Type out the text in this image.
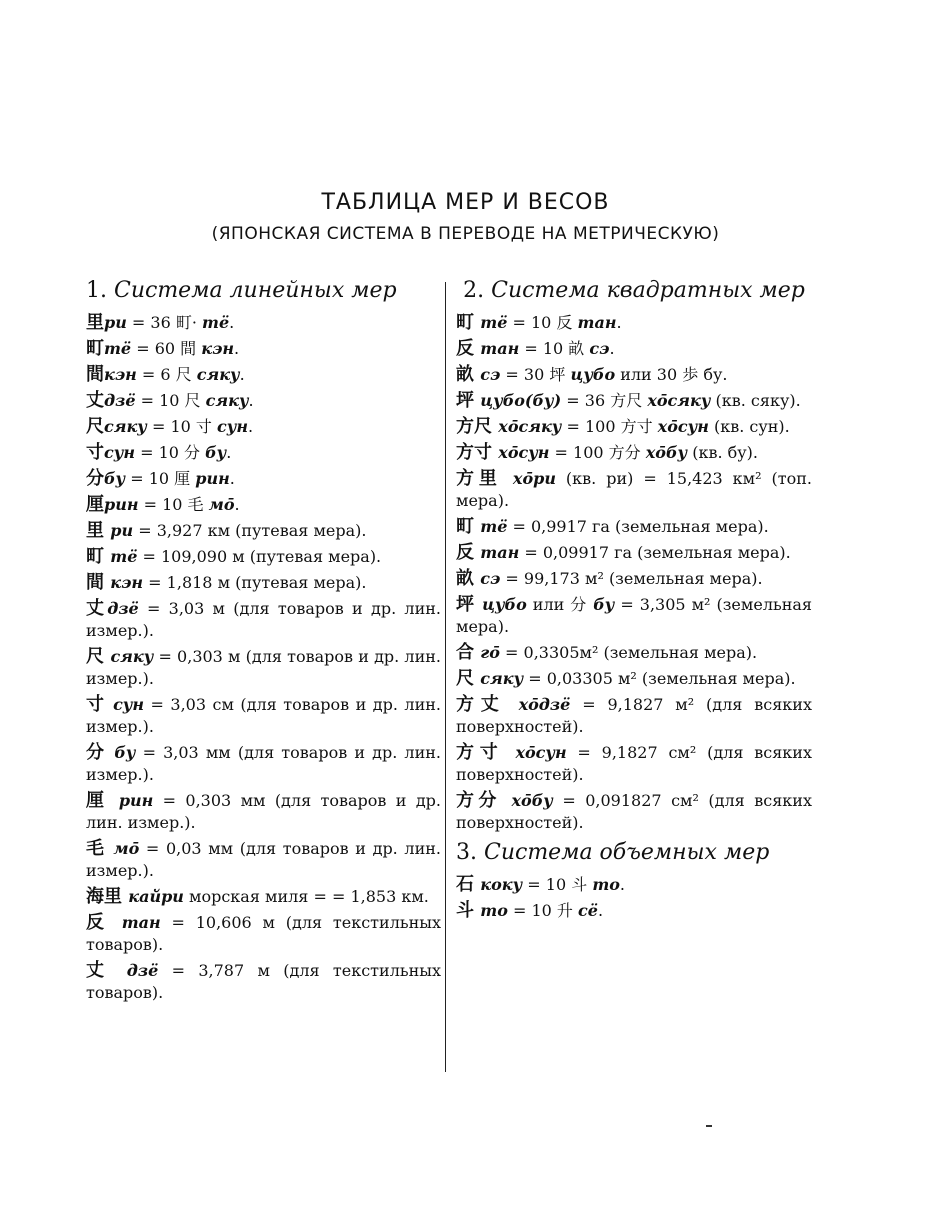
ТАБЛИЦА МЕР И ВЕСОВ
(ЯПОНСКАЯ СИСТЕМА В ПЕРЕВОДЕ НА МЕТРИЧЕСКУЮ)
1. Система линейных мер
里ри = 36 町· тё.
町тё = 60 間 кэн.
間кэн = 6 尺 сяку.
丈дзё = 10 尺 сяку.
尺сяку = 10 寸 сун.
寸сун = 10 分 бу.
分бу = 10 厘 рин.
厘рин = 10 毛 мо̄.
里 ри = 3,927 км (путевая мера).
町 тё = 109,090 м (путевая мера).
間 кэн = 1,818 м (путевая мера).
丈дзё = 3,03 м (для товаров и др. лин. измер.).
尺 сяку = 0,303 м (для товаров и др. лин. измер.).
寸 сун = 3,03 см (для товаров и др. лин. измер.).
分 бу = 3,03 мм (для товаров и др. лин. измер.).
厘 рин = 0,303 мм (для товаров и др. лин. измер.).
毛 мо̄ = 0,03 мм (для товаров и др. лин. измер.).
海里 кайри морская миля = = 1,853 км.
反 тан = 10,606 м (для текстильных товаров).
丈 дзё = 3,787 м (для текстильных товаров).
2. Система квадратных мер
町 тё = 10 反 тан.
反 тан = 10 畝 сэ.
畝 сэ = 30 坪 цубо или 30 歩 бу.
坪 цубо(бу) = 36 方尺 хо̄сяку (кв. сяку).
方尺 хо̄сяку = 100 方寸 хо̄сун (кв. сун).
方寸 хо̄сун = 100 方分 хо̄бу (кв. бу).
方里 хо̄ри (кв. ри) = 15,423 км² (топ. мера).
町 тё = 0,9917 га (земельная мера).
反 тан = 0,09917 га (земельная мера).
畝 сэ = 99,173 м² (земельная мера).
坪 цубо или 分 бу = 3,305 м² (земельная мера).
合 го̄ = 0,3305м² (земельная мера).
尺 сяку = 0,03305 м² (земельная мера).
方丈 хо̄дзё = 9,1827 м² (для всяких поверхностей).
方寸 хо̄сун = 9,1827 см² (для всяких поверхностей).
方分 хо̄бу = 0,091827 см² (для всяких поверхностей).
3. Система объемных мер
石 коку = 10 斗 то.
斗 то = 10 升 сё.
